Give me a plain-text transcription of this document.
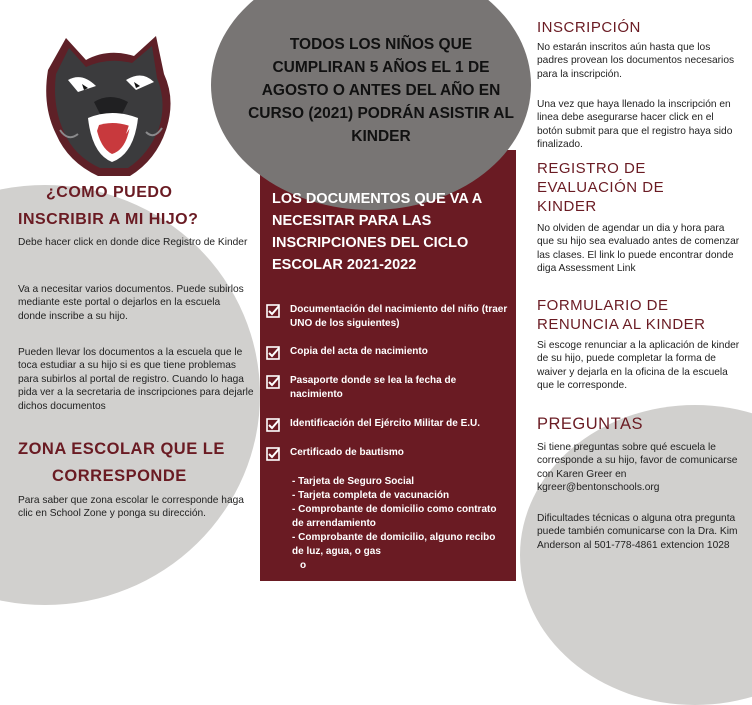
TODOS LOS NIÑOS QUE CUMPLIRAN 5 AÑOS EL 1 DE AGOSTO O ANTES DEL AÑO EN CURSO (2021) PODRÁN ASISTIR AL KINDER
¿COMO PUEDO
INSCRIBIR A MI HIJO?
Debe hacer click en donde dice Registro de Kinder
Va a necesitar varios documentos. Puede subirlos mediante este portal o dejarlos en la escuela donde inscribe a su hijo.
Pueden llevar los documentos a la escuela que le toca estudiar a su hijo si es que tiene problemas para subirlos al portal de registro. Cuando lo haga pida ver a la secretaria de inscripciones para dejarle dichos documentos
ZONA ESCOLAR QUE LE
CORRESPONDE
Para saber que zona escolar le corresponde haga clic en School Zone y ponga su dirección.
LOS DOCUMENTOS QUE VA A NECESITAR PARA LAS INSCRIPCIONES DEL CICLO ESCOLAR 2021-2022
Documentación del nacimiento del niño (traer UNO de los siguientes)
Copia del acta de nacimiento
Pasaporte donde se lea la fecha de nacimiento
Identificación del Ejército Militar de E.U.
Certificado de bautismo
- Tarjeta de Seguro Social
- Tarjeta completa de vacunación
- Comprobante de domicilio como contrato de arrendamiento
- Comprobante de domicilio, alguno recibo de luz, agua, o gas
o
INSCRIPCIÓN
No estarán inscritos aún hasta que los padres provean los documentos necesarios para la inscripción.
Una vez que haya llenado la inscripción en linea debe asegurarse hacer click en el botón submit para que el registro haya sido finalizado.
REGISTRO DE EVALUACIÓN DE KINDER
No olviden de agendar un dia y hora para que su hijo sea evaluado antes de comenzar las clases. El link lo puede encontrar donde diga Assessment Link
FORMULARIO DE RENUNCIA AL KINDER
Si escoge renunciar a la aplicación de kinder de su hijo, puede completar la forma de waiver y dejarla en la oficina de la escuela que le corresponde.
PREGUNTAS
Si tiene preguntas sobre qué escuela le corresponde a su hijo, favor de comunicarse con Karen Greer en kgreer@bentonschools.org
Dificultades técnicas o alguna otra pregunta puede también comunicarse con la Dra. Kim Anderson al 501-778-4861 extencion 1028
